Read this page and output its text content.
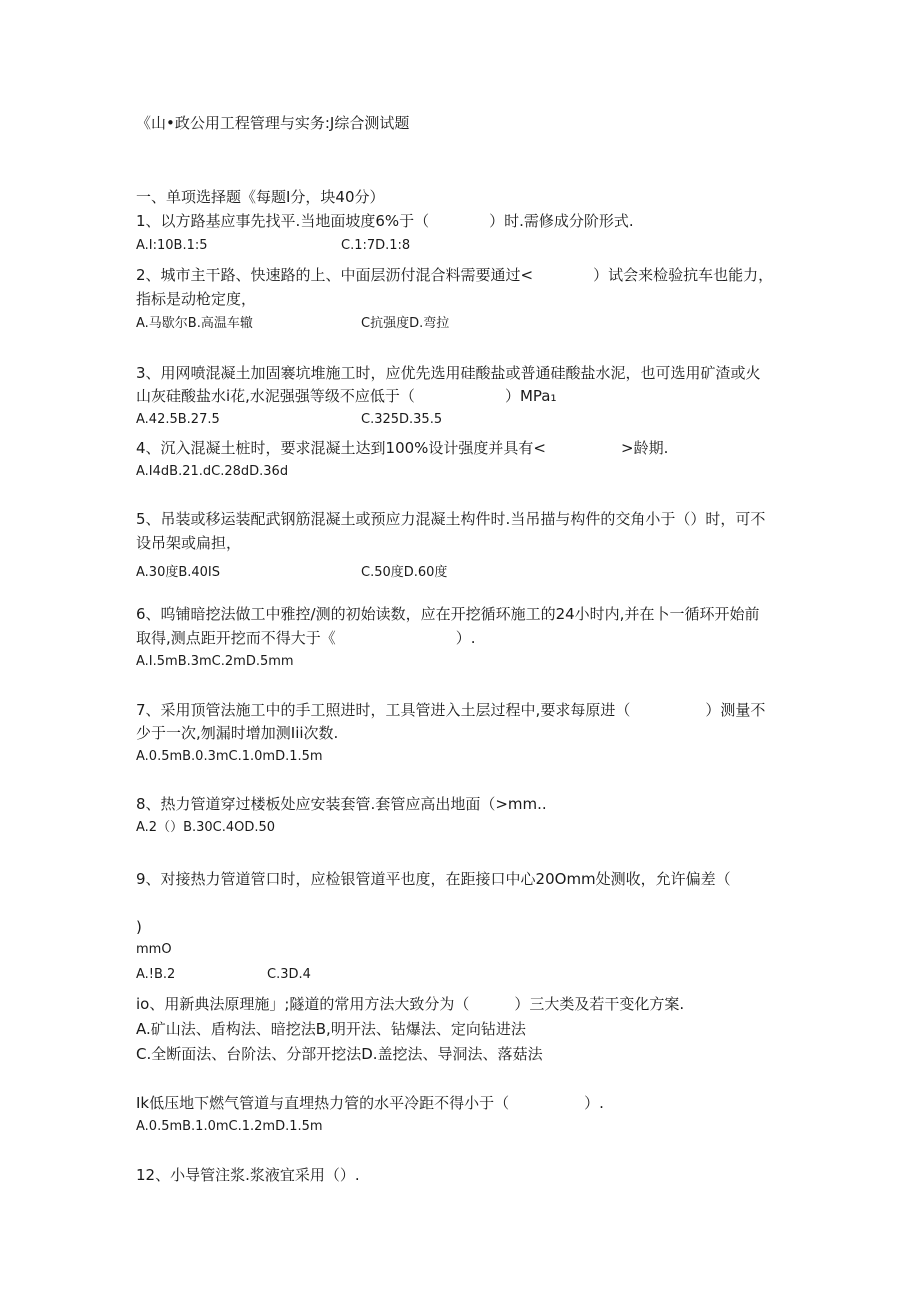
《山•政公用工程管理与实务:J综合测试题
一、单项选择题《每题I分，块40分）
1、以方路基应事先找平.当地面坡度6%于（　　　　）时.需修成分阶形式.
A.I:10B.1:5	C.1:7D.1:8
2、城市主干路、快速路的上、中面层沥付混合料需要通过<　　　　）试会来检验抗车也能力，
指标是动枪定度，
A.马歇尔B.高温车辙	C抗强度D.弯拉
3、用网喷混凝土加固褰坑堆施工时，应优先选用硅酸盐或普通硅酸盐水泥，也可选用矿渣或火
山灰硅酸盐水i花,水泥强强等级不应低于（　　　　　　）MPa₁
A.42.5B.27.5	C.325D.35.5
4、沉入混凝土桩时，要求混凝土达到100%设计强度并具有<　　　　　>龄期.
A.I4dB.21.dC.28dD.36d
5、吊装或移运装配武钢筋混凝土或预应力混凝土构件时.当吊描与构件的交角小于（）时，可不
设吊架或扁担，
A.30度B.40IS	C.50度D.60度
6、呜铺暗挖法做工中雅控/测的初始读数，应在开挖循环施工的24小时内,并在卜一循环开始前
取得,测点距开挖而不得大于《　　　　　　　　）.
A.I.5mB.3mC.2mD.5mm
7、采用顶管法施工中的手工照进时，工具管进入土层过程中,要求每原进（　　　　　）测量不
少于一次,刎漏时增加测Iii次数.
A.0.5mB.0.3mC.1.0mD.1.5m
8、热力管道穿过楼板处应安装套管.套管应高出地面（>mm..
A.2（）B.30C.4OD.50
9、对接热力管道管口时，应检银管道平也度，在距接口中心20Omm处测收，允许偏差（
)
mmO
A.!B.2	C.3D.4
io、用新典法原理施」;隧道的常用方法大致分为（　　　）三大类及若干变化方案.
A.矿山法、盾构法、暗挖法B,明开法、钻爆法、定向钻进法
C.全断面法、台阶法、分部开挖法D.盖挖法、导洞法、落菇法
Ik低压地下燃气管道与直埋热力管的水平冷距不得小于（　　　　　）.
A.0.5mB.1.0mC.1.2mD.1.5m
12、小导管注浆.浆液宜采用（）.
